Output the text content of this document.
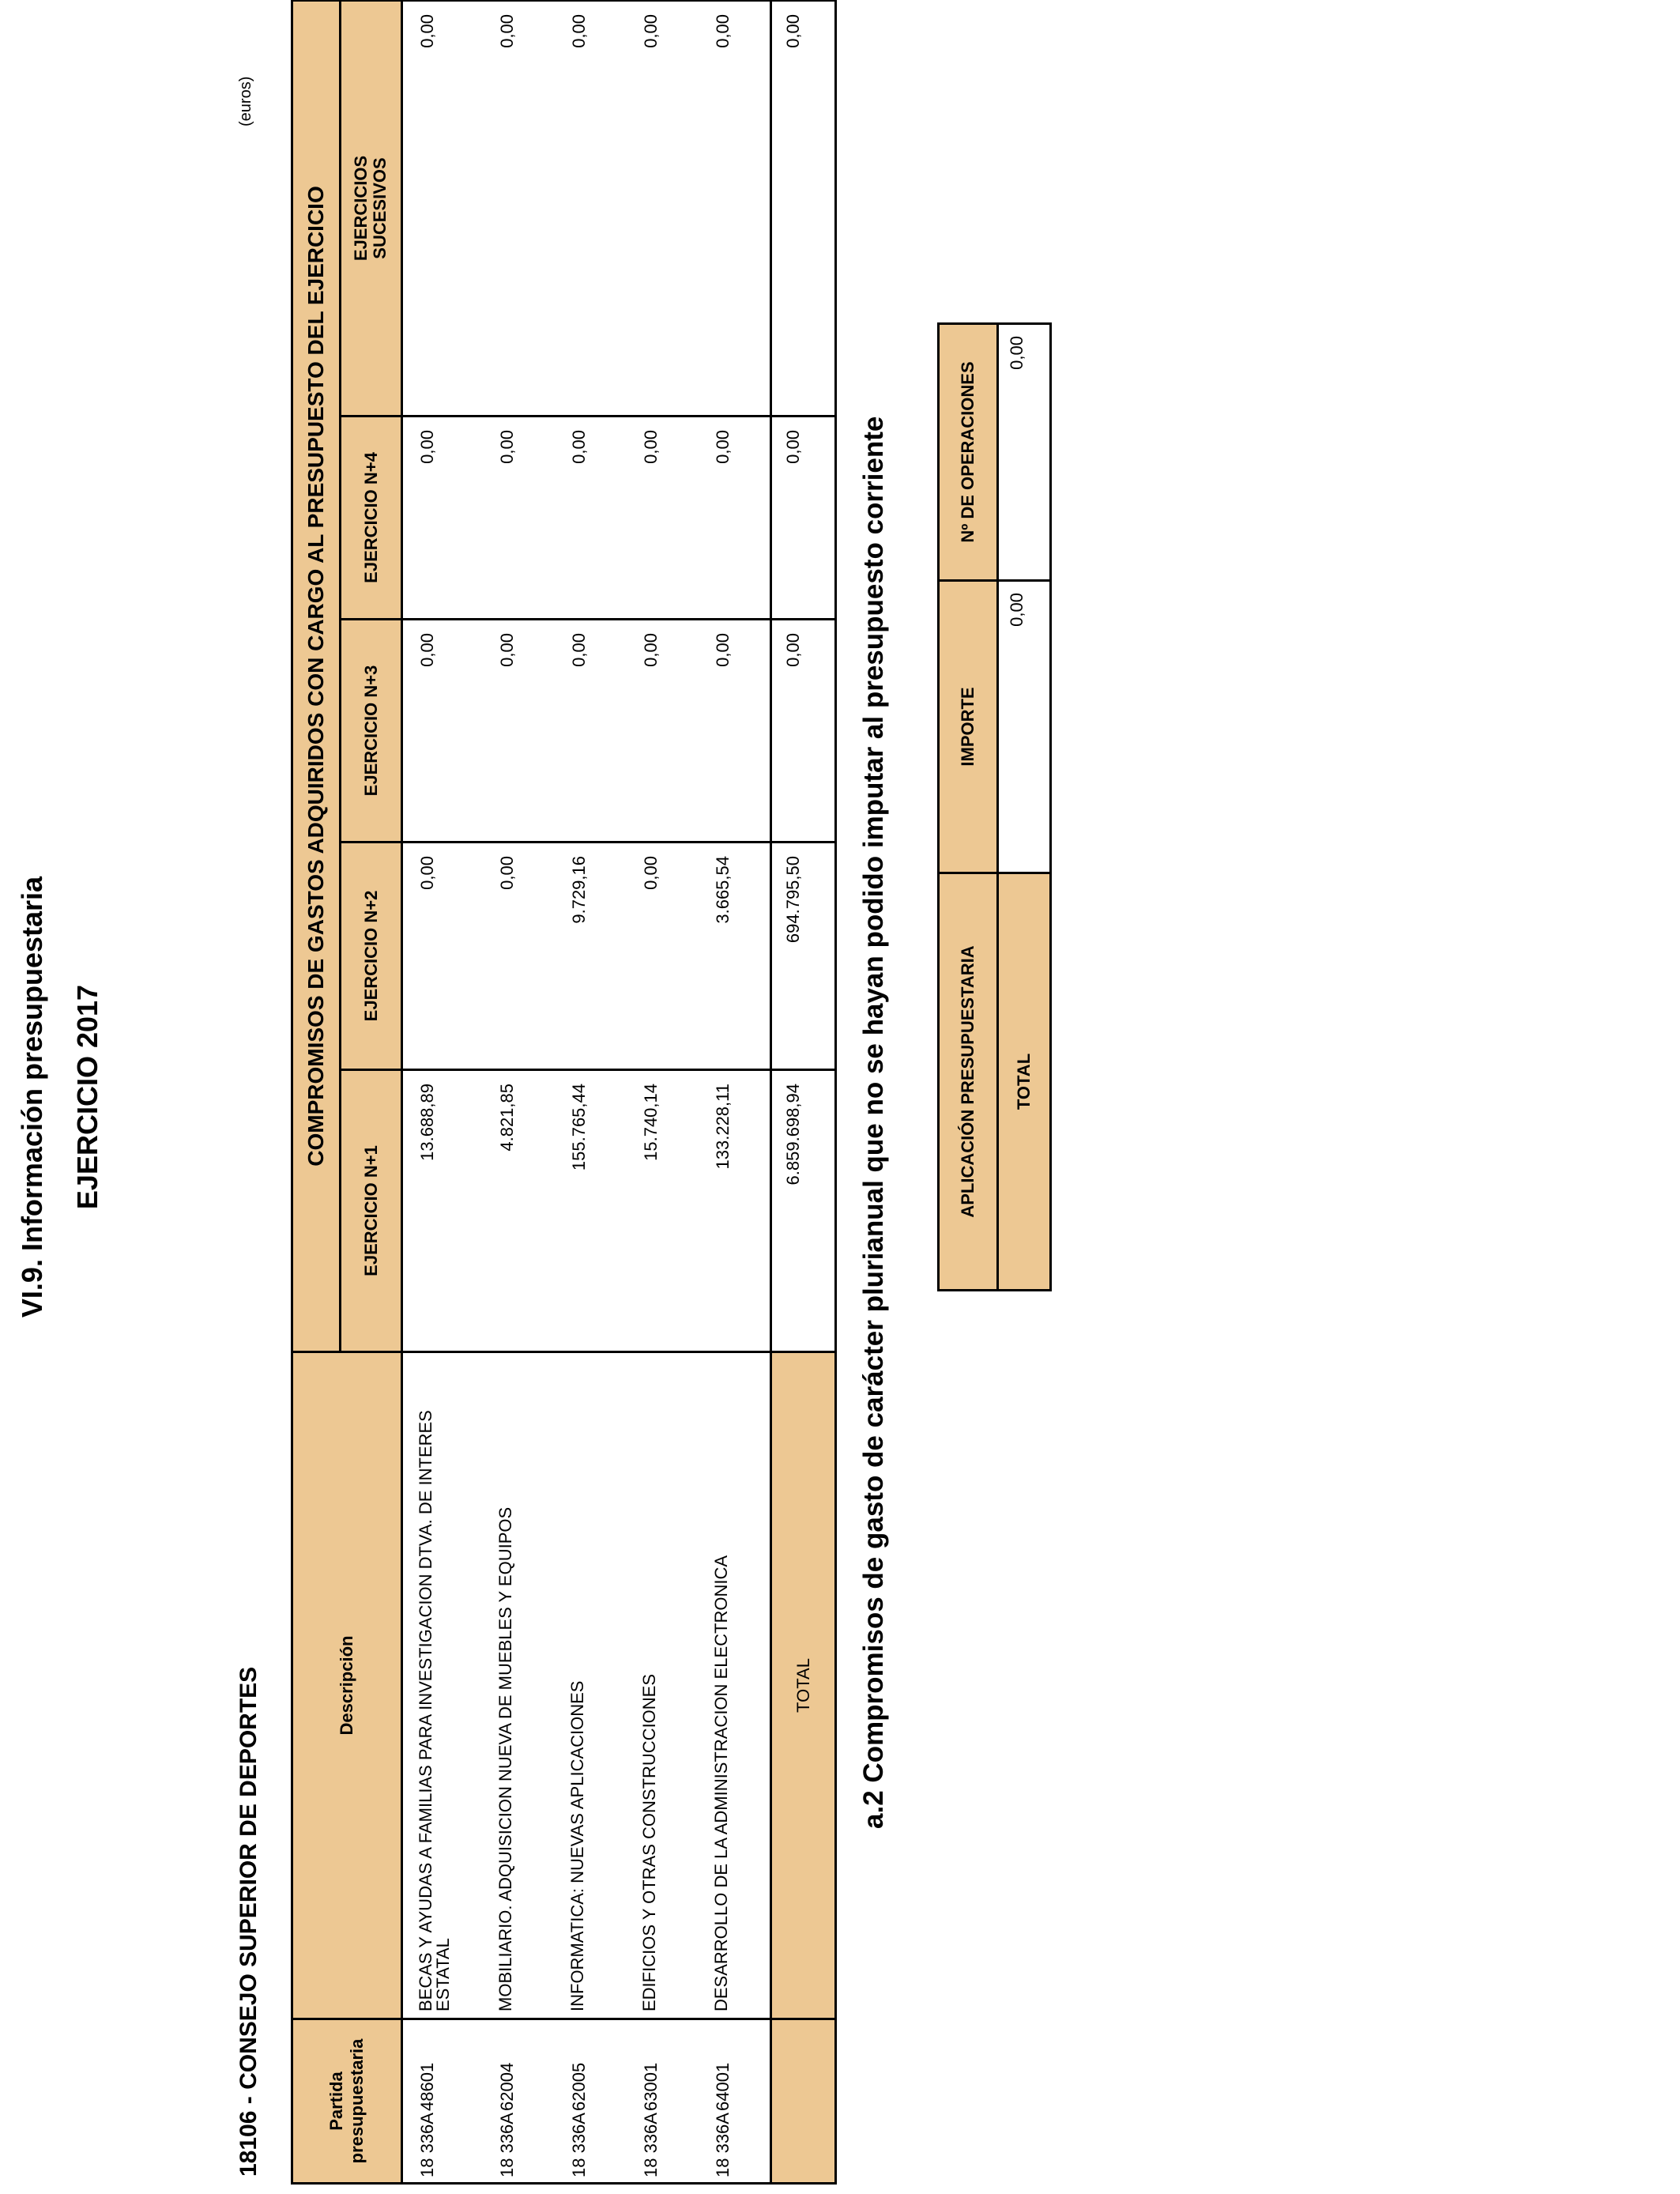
VI.9. Información presupuestaria EJERCICIO 2017
18106 - CONSEJO SUPERIOR DE DEPORTES
(euros)
Partida presupuestaria	Descripción	COMPROMISOS DE GASTOS ADQUIRIDOS CON CARGO AL PRESUPUESTO DEL EJERCICIO				
		EJERCICIO N+1	EJERCICIO N+2	EJERCICIO N+3	EJERCICIO N+4	EJERCICIOS
SUCESIVOS
18 336A48601	BECAS Y AYUDAS A FAMILIAS PARA INVESTIGACION DTVA. DE INTERES ESTATAL	13.688,89	0,00	0,00	0,00	0,00
18 336A62004	MOBILIARIO. ADQUISICION NUEVA DE MUEBLES Y EQUIPOS	4.821,85	0,00	0,00	0,00	0,00
18 336A62005	INFORMATICA: NUEVAS APLICACIONES	155.765,44	9.729,16	0,00	0,00	0,00
18 336A63001	EDIFICIOS Y OTRAS CONSTRUCCIONES	15.740,14	0,00	0,00	0,00	0,00
18 336A64001	DESARROLLO DE LA ADMINISTRACION ELECTRONICA	133.228,11	3.665,54	0,00	0,00	0,00
	TOTAL	6.859.698,94	694.795,50	0,00	0,00	0,00
a.2 Compromisos de gasto de carácter plurianual que no se hayan podido imputar al presupuesto corriente	APLICACIÓN PRESUPUESTARIA	IMPORTE	Nº DE OPERACIONES
TOTAL	0,00	0,00
